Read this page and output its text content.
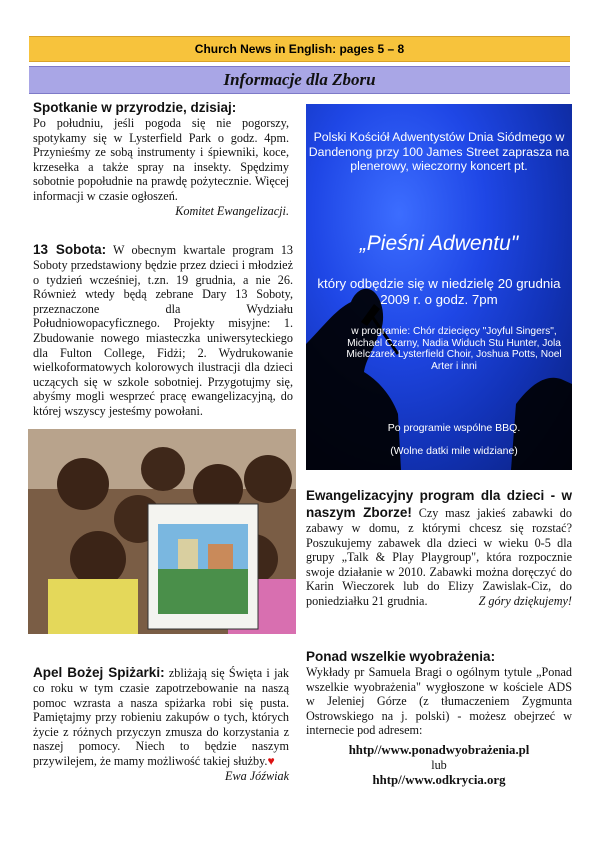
Church News in English: pages 5 – 8
Informacje dla Zboru
Spotkanie w przyrodzie, dzisiaj:
Po południu, jeśli pogoda się nie pogorszy, spotykamy się w Lysterfield Park o godz. 4pm. Przynieśmy ze sobą instrumenty i śpiewniki, koce, krzesełka a także spray na insekty. Spędzimy sobotnie popołudnie na prawdę pożytecznie. Więcej informacji w czasie ogłoszeń.
Komitet Ewangelizacji.
13 Sobota: W obecnym kwartale program 13 Soboty przedstawiony będzie przez dzieci i młodzież o tydzień wcześniej, t.zn. 19 grudnia, a nie 26. Również wtedy będą zebrane Dary 13 Soboty, przeznaczone dla Wydziału Południowopacyficznego. Projekty misyjne: 1. Zbudowanie nowego miasteczka uniwersyteckiego dla Fulton College, Fidżi; 2. Wydrukowanie wielkoformatowych kolorowych ilustracji dla dzieci uczących się w szkole sobotniej. Przygotujmy się, abyśmy mogli wesprzeć pracę ewangelizacyjną, do której wszyscy jesteśmy powołani.
Polski Kościół Adwentystów Dnia Siódmego w Dandenong przy 100 James Street zaprasza na plenerowy, wieczorny koncert pt.
„Pieśni Adwentu"
który odbędzie się w niedzielę 20 grudnia 2009 r. o godz. 7pm
w programie: Chór dziecięcy "Joyful Singers", Michael Czarny, Nadia Widuch Stu Hunter, Jola Mielczarek Lysterfield Choir, Joshua Potts, Noel Arter i inni
Po programie wspólne BBQ.
(Wolne datki mile widziane)
Ewangelizacyjny program dla dzieci - w naszym Zborze! Czy masz jakieś zabawki do zabawy w domu, z którymi chcesz się rozstać? Poszukujemy zabawek dla dzieci w wieku 0-5 dla grupy „Talk & Play Playgroup", która rozpocznie swoje działanie w 2010. Zabawki można doręczyć do Karin Wieczorek lub do Elizy Zawislak-Ciz, do poniedziałku 21 grudnia.	Z góry dziękujemy!
Apel Bożej Spiżarki: zbliżają się Święta i jak co roku w tym czasie zapotrzebowanie na naszą pomoc wzrasta a nasza spiżarka robi się pusta. Pamiętajmy przy robieniu zakupów o tych, których życie z różnych przyczyn zmusza do korzystania z naszej pomocy. Niech to będzie naszym przywilejem, że mamy możliwość takiej służby.♥
Ewa Jóźwiak
Ponad wszelkie wyobrażenia:
Wykłady pr Samuela Bragi o ogólnym tytule „Ponad wszelkie wyobrażenia" wygłoszone w kościele ADS w Jeleniej Górze (z tłumaczeniem Zygmunta Ostrowskiego na j. polski) - możesz obejrzeć w internecie pod adresem:
hhtp//www.ponadwyobrażenia.pl
lub
hhtp//www.odkrycia.org
